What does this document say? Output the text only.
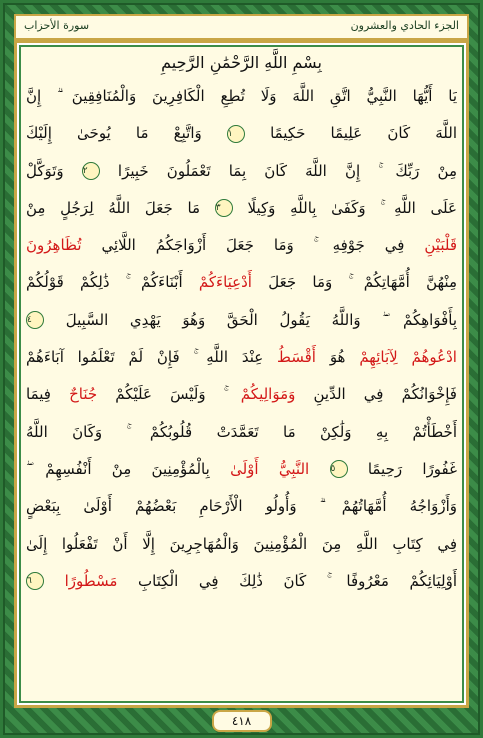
الجزء الحادي والعشرون
سورة الأحزاب
بِسْمِ اللَّهِ الرَّحْمَٰنِ الرَّحِيمِ
يَا أَيُّهَا النَّبِيُّ اتَّقِ اللَّهَ وَلَا تُطِعِ الْكَافِرِينَ وَالْمُنَافِقِينَ ۗ إِنَّ
اللَّهَ كَانَ عَلِيمًا حَكِيمًا ١ وَاتَّبِعْ مَا يُوحَىٰ إِلَيْكَ
مِنْ رَبِّكَ ۚ إِنَّ اللَّهَ كَانَ بِمَا تَعْمَلُونَ خَبِيرًا ٢ وَتَوَكَّلْ
عَلَى اللَّهِ ۚ وَكَفَىٰ بِاللَّهِ وَكِيلًا ٣ مَا جَعَلَ اللَّهُ لِرَجُلٍ مِنْ
قَلْبَيْنِ فِي جَوْفِهِ ۚ وَمَا جَعَلَ أَزْوَاجَكُمُ اللَّائِي تُظَاهِرُونَ
مِنْهُنَّ أُمَّهَاتِكُمْ ۚ وَمَا جَعَلَ أَدْعِيَاءَكُمْ أَبْنَاءَكُمْ ۚ ذَٰلِكُمْ قَوْلُكُمْ
بِأَفْوَاهِكُمْ ۖ وَاللَّهُ يَقُولُ الْحَقَّ وَهُوَ يَهْدِي السَّبِيلَ ٤
ادْعُوهُمْ لِآبَائِهِمْ هُوَ أَقْسَطُ عِنْدَ اللَّهِ ۚ فَإِنْ لَمْ تَعْلَمُوا آبَاءَهُمْ
فَإِخْوَانُكُمْ فِي الدِّينِ وَمَوَالِيكُمْ ۚ وَلَيْسَ عَلَيْكُمْ جُنَاحٌ فِيمَا
أَخْطَأْتُمْ بِهِ وَلَٰكِنْ مَا تَعَمَّدَتْ قُلُوبُكُمْ ۚ وَكَانَ اللَّهُ
غَفُورًا رَحِيمًا ٥ النَّبِيُّ أَوْلَىٰ بِالْمُؤْمِنِينَ مِنْ أَنْفُسِهِمْ ۖ
وَأَزْوَاجُهُ أُمَّهَاتُهُمْ ۗ وَأُولُو الْأَرْحَامِ بَعْضُهُمْ أَوْلَىٰ بِبَعْضٍ
فِي كِتَابِ اللَّهِ مِنَ الْمُؤْمِنِينَ وَالْمُهَاجِرِينَ إِلَّا أَنْ تَفْعَلُوا إِلَىٰ
أَوْلِيَائِكُمْ مَعْرُوفًا ۚ كَانَ ذَٰلِكَ فِي الْكِتَابِ مَسْطُورًا ٦
٤١٨
